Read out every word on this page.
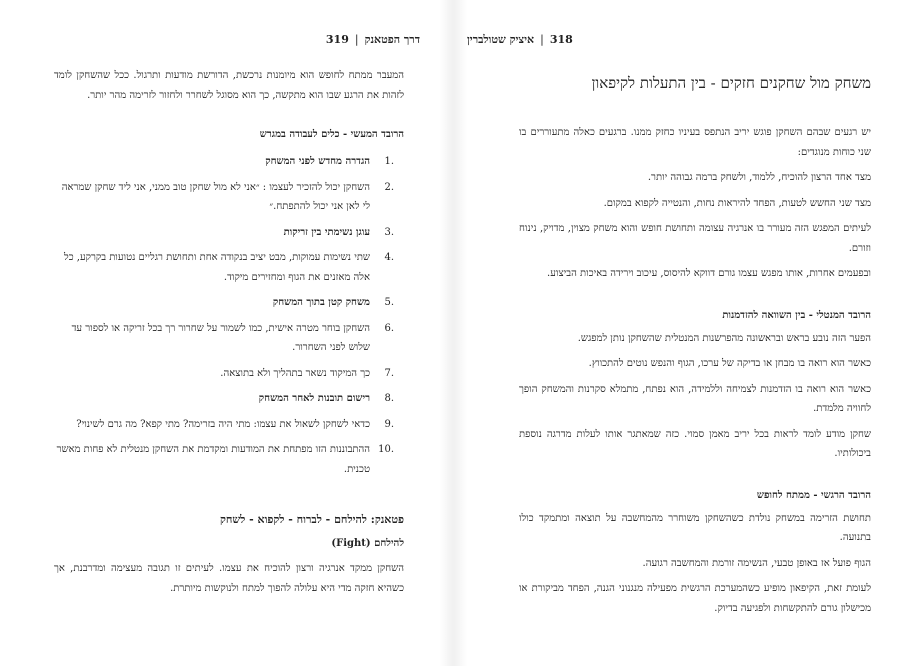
דרך הפטאנק|319

המעבר ממתח לחופש הוא מיומנות נרכשת, הדורשת מודעות ותרגול. ככל שהשחקן לומד לזהות את הרגע שבו הוא מתקשה, כך הוא מסוגל לשחרר ולחזור לזרימה מהר יותר.

הרובד המעשי - כלים לעבודה במגרש

.1
הגדרה מחדש לפני המשחק
.2
השחקן יכול להזכיר לעצמו : ״אני לא מול שחקן טוב ממני, אני ליד שחקן שמראה לי לאן אני יכול להתפתח.״
.3
עוגן נשימתי בין זריקות
.4
שתי נשימות עמוקות, מבט יציב בנקודה אחת ותחושת רגליים נטועות בקרקע, כל אלה מאזנים את הגוף ומחזירים מיקוד.
.5
משחק קטן בתוך המשחק
.6
השחקן בוחר מטרה אישית, כמו לשמור על שחרור רך בכל זריקה או לספור עד שלוש לפני השחרור.
.7
כך המיקוד נשאר בתהליך ולא בתוצאה.
.8
רישום תובנות לאחר המשחק
.9
כדאי לשחקן לשאול את עצמו: מתי היה בזרימה? מתי קפא? מה גרם לשינוי?
.10
ההתבוננות הזו מפתחת את המודעות ומקדמת את השחקן מנטלית לא פחות מאשר טכנית.

פטאנק: להילחם - לברוח - לקפוא - לשחק

להילחם (Fight)

השחקן ממקד אנרגיה ורצון להוכיח את עצמו. לעיתים זו תגובה מעצימה ומדרבנת, אך כשהיא חזקה מדי היא עלולה להפוך למתח ולנוקשות מיותרת.

318|איציק שטולברין

משחק מול שחקנים חזקים - בין התעלות לקיפאון

יש רגעים שבהם השחקן פוגש יריב הנתפס בעיניו כחזק ממנו. ברגעים כאלה מתעוררים בו שני כוחות מנוגדים:

מצד אחד הרצון להוכיח, ללמוד, ולשחק ברמה גבוהה יותר.

מצד שני החשש לטעות, הפחד להיראות נחות, והנטייה לקפוא במקום.

לעיתים המפגש הזה מעורר בו אנרגיה עצומה ותחושת חופש והוא משחק מצוין, מדויק, נינוח וזורם.

ובפעמים אחרות, אותו מפגש עצמו גורם דווקא להיסוס, עיכוב וירידה באיכות הביצוע.

הרובד המנטלי - בין השוואה להזדמנות

הפער הזה נובע בראש ובראשונה מהפרשנות המנטלית שהשחקן נותן למפגש.

כאשר הוא רואה בו מבחן או בדיקה של ערכו, הגוף והנפש נוטים להתכווץ.

כאשר הוא רואה בו הזדמנות לצמיחה וללמידה, הוא נפתח, מתמלא סקרנות והמשחק הופך לחוויה מלמדת.

שחקן מודע לומד לראות בכל יריב מאמן סמוי. כזה שמאתגר אותו לעלות מדרגה נוספת ביכולותיו.

הרובד הרגשי - ממתח לחופש

תחושת הזרימה במשחק נולדת כשהשחקן משוחרר מהמחשבה על תוצאה ומתמקד כולו בתנועה.

הגוף פועל אז באופן טבעי, הנשימה זורמת והמחשבה רגועה.

לעומת זאת, הקיפאון מופיע כשהמערכת הרגשית מפעילה מנגנוני הגנה, הפחד מביקורת או מכישלון גורם להתקשחות ולפגיעה בדיוק.
